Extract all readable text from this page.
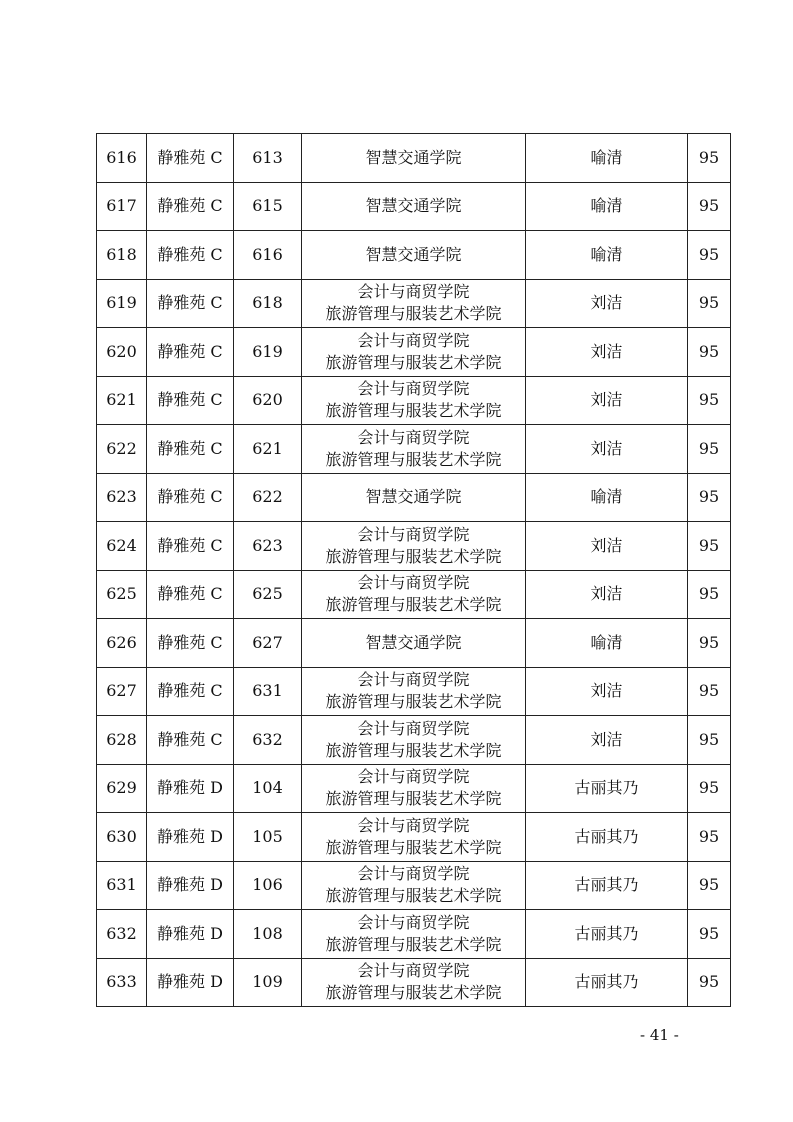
616	静雅苑 C	613	智慧交通学院	喻清	95
617	静雅苑 C	615	智慧交通学院	喻清	95
618	静雅苑 C	616	智慧交通学院	喻清	95
619	静雅苑 C	618	会计与商贸学院
旅游管理与服装艺术学院	刘洁	95
620	静雅苑 C	619	会计与商贸学院
旅游管理与服装艺术学院	刘洁	95
621	静雅苑 C	620	会计与商贸学院
旅游管理与服装艺术学院	刘洁	95
622	静雅苑 C	621	会计与商贸学院
旅游管理与服装艺术学院	刘洁	95
623	静雅苑 C	622	智慧交通学院	喻清	95
624	静雅苑 C	623	会计与商贸学院
旅游管理与服装艺术学院	刘洁	95
625	静雅苑 C	625	会计与商贸学院
旅游管理与服装艺术学院	刘洁	95
626	静雅苑 C	627	智慧交通学院	喻清	95
627	静雅苑 C	631	会计与商贸学院
旅游管理与服装艺术学院	刘洁	95
628	静雅苑 C	632	会计与商贸学院
旅游管理与服装艺术学院	刘洁	95
629	静雅苑 D	104	会计与商贸学院
旅游管理与服装艺术学院	古丽其乃	95
630	静雅苑 D	105	会计与商贸学院
旅游管理与服装艺术学院	古丽其乃	95
631	静雅苑 D	106	会计与商贸学院
旅游管理与服装艺术学院	古丽其乃	95
632	静雅苑 D	108	会计与商贸学院
旅游管理与服装艺术学院	古丽其乃	95
633	静雅苑 D	109	会计与商贸学院
旅游管理与服装艺术学院	古丽其乃	95
- 41 -
